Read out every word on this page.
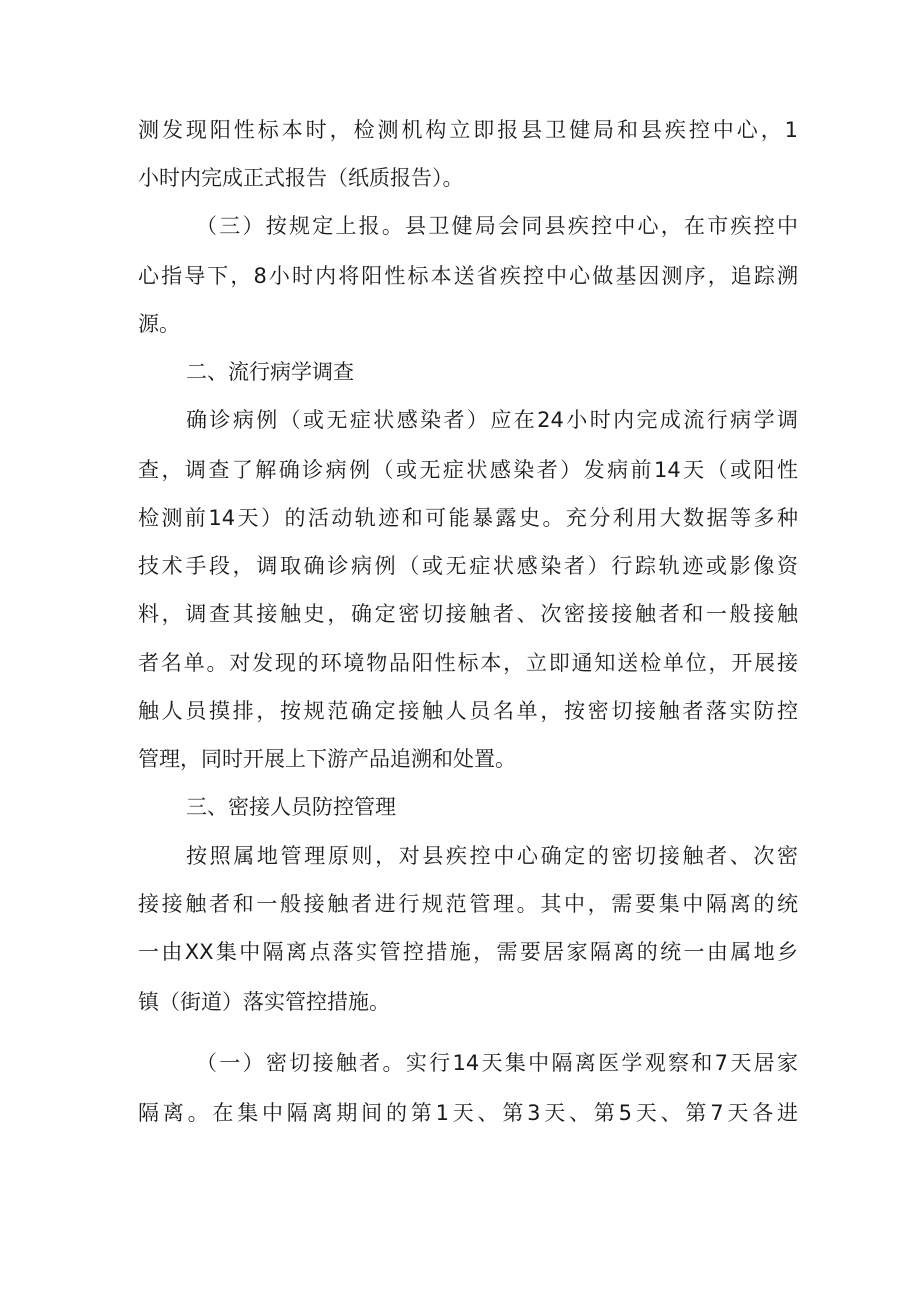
测发现阳性标本时，检测机构立即报县卫健局和县疾控中心，1
小时内完成正式报告（纸质报告）。
（三）按规定上报。县卫健局会同县疾控中心，在市疾控中
心指导下，8小时内将阳性标本送省疾控中心做基因测序，追踪溯
源。
二、流行病学调查
确诊病例（或无症状感染者）应在24小时内完成流行病学调
查，调查了解确诊病例（或无症状感染者）发病前14天（或阳性
检测前14天）的活动轨迹和可能暴露史。充分利用大数据等多种
技术手段，调取确诊病例（或无症状感染者）行踪轨迹或影像资
料，调查其接触史，确定密切接触者、次密接接触者和一般接触
者名单。对发现的环境物品阳性标本，立即通知送检单位，开展接
触人员摸排，按规范确定接触人员名单，按密切接触者落实防控
管理，同时开展上下游产品追溯和处置。
三、密接人员防控管理
按照属地管理原则，对县疾控中心确定的密切接触者、次密
接接触者和一般接触者进行规范管理。其中，需要集中隔离的统
一由XX集中隔离点落实管控措施，需要居家隔离的统一由属地乡
镇（街道）落实管控措施。
（一）密切接触者。实行14天集中隔离医学观察和7天居家
隔离。在集中隔离期间的第1天、第3天、第5天、第7天各进
